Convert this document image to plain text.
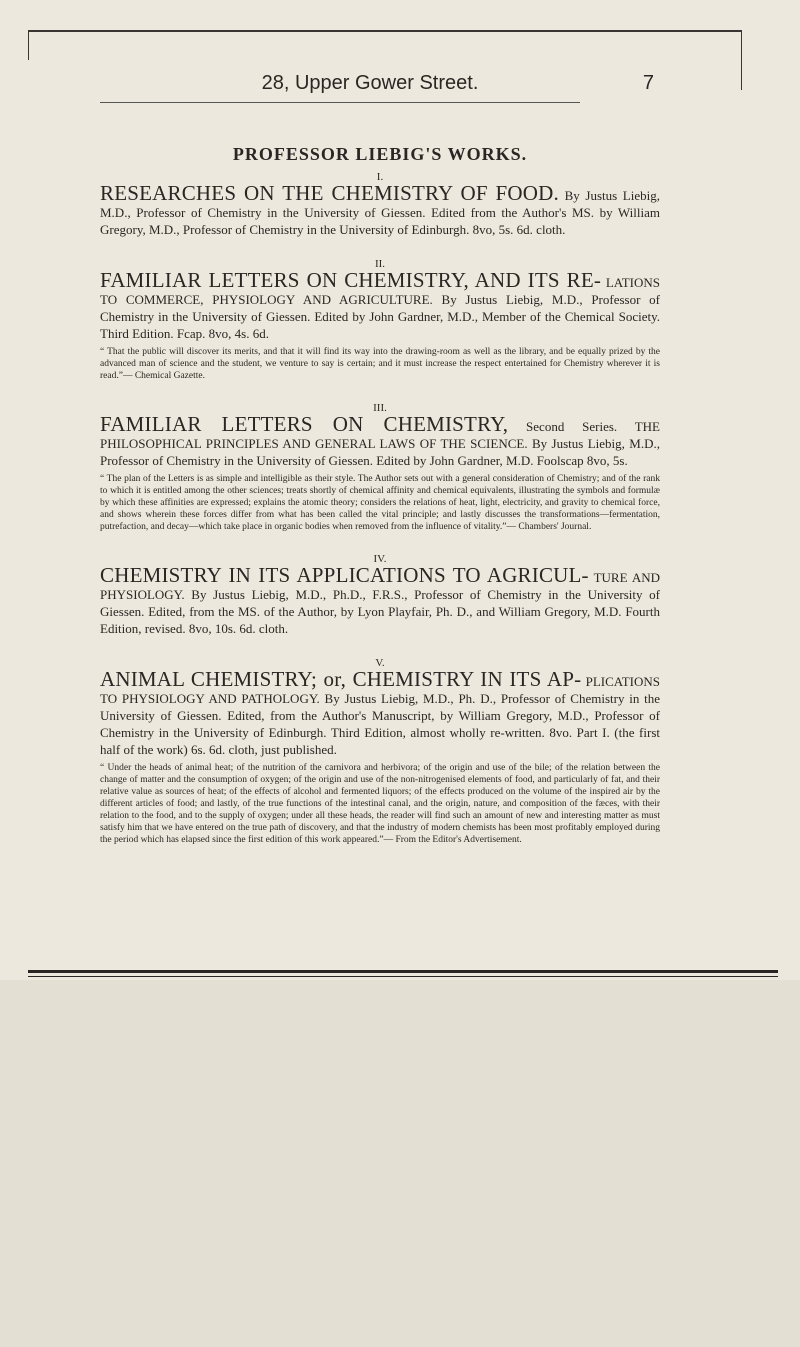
28, Upper Gower Street.	7
PROFESSOR LIEBIG'S WORKS.
I.
RESEARCHES ON THE CHEMISTRY OF FOOD. By Justus Liebig, M.D., Professor of Chemistry in the University of Giessen. Edited from the Author's MS. by William Gregory, M.D., Professor of Chemistry in the University of Edinburgh. 8vo, 5s. 6d. cloth.
II.
FAMILIAR LETTERS ON CHEMISTRY, AND ITS RE- LATIONS TO COMMERCE, PHYSIOLOGY AND AGRICULTURE. By Justus Liebig, M.D., Professor of Chemistry in the University of Giessen. Edited by John Gardner, M.D., Member of the Chemical Society. Third Edition. Fcap. 8vo, 4s. 6d.
“ That the public will discover its merits, and that it will find its way into the drawing-room as well as the library, and be equally prized by the advanced man of science and the student, we venture to say is certain; and it must increase the respect entertained for Chemistry wherever it is read.”— Chemical Gazette.
III.
FAMILIAR LETTERS ON CHEMISTRY, Second Series. THE PHILOSOPHICAL PRINCIPLES AND GENERAL LAWS OF THE SCIENCE. By Justus Liebig, M.D., Professor of Chemistry in the University of Giessen. Edited by John Gardner, M.D. Foolscap 8vo, 5s.
“ The plan of the Letters is as simple and intelligible as their style. The Author sets out with a general consideration of Chemistry; and of the rank to which it is entitled among the other sciences; treats shortly of chemical affinity and chemical equivalents, illustrating the symbols and formulæ by which these affinities are expressed; explains the atomic theory; considers the relations of heat, light, electricity, and gravity to chemical force, and shows wherein these forces differ from what has been called the vital principle; and lastly discusses the transformations—fermentation, putrefaction, and decay—which take place in organic bodies when removed from the influence of vitality.”— Chambers' Journal.
IV.
CHEMISTRY IN ITS APPLICATIONS TO AGRICUL- TURE AND PHYSIOLOGY. By Justus Liebig, M.D., Ph.D., F.R.S., Professor of Chemistry in the University of Giessen. Edited, from the MS. of the Author, by Lyon Playfair, Ph. D., and William Gregory, M.D. Fourth Edition, revised. 8vo, 10s. 6d. cloth.
V.
ANIMAL CHEMISTRY; or, CHEMISTRY IN ITS AP- PLICATIONS TO PHYSIOLOGY AND PATHOLOGY. By Justus Liebig, M.D., Ph. D., Professor of Chemistry in the University of Giessen. Edited, from the Author's Manuscript, by William Gregory, M.D., Professor of Chemistry in the University of Edinburgh. Third Edition, almost wholly re-written. 8vo. Part I. (the first half of the work) 6s. 6d. cloth, just published.
“ Under the heads of animal heat; of the nutrition of the carnivora and herbivora; of the origin and use of the bile; of the relation between the change of matter and the consumption of oxygen; of the origin and use of the non-nitrogenised elements of food, and particularly of fat, and their relative value as sources of heat; of the effects of alcohol and fermented liquors; of the effects produced on the volume of the inspired air by the different articles of food; and lastly, of the true functions of the intestinal canal, and the origin, nature, and composition of the fæces, with their relation to the food, and to the supply of oxygen; under all these heads, the reader will find such an amount of new and interesting matter as must satisfy him that we have entered on the true path of discovery, and that the industry of modern chemists has been most profitably employed during the period which has elapsed since the first edition of this work appeared.”— From the Editor's Advertisement.
